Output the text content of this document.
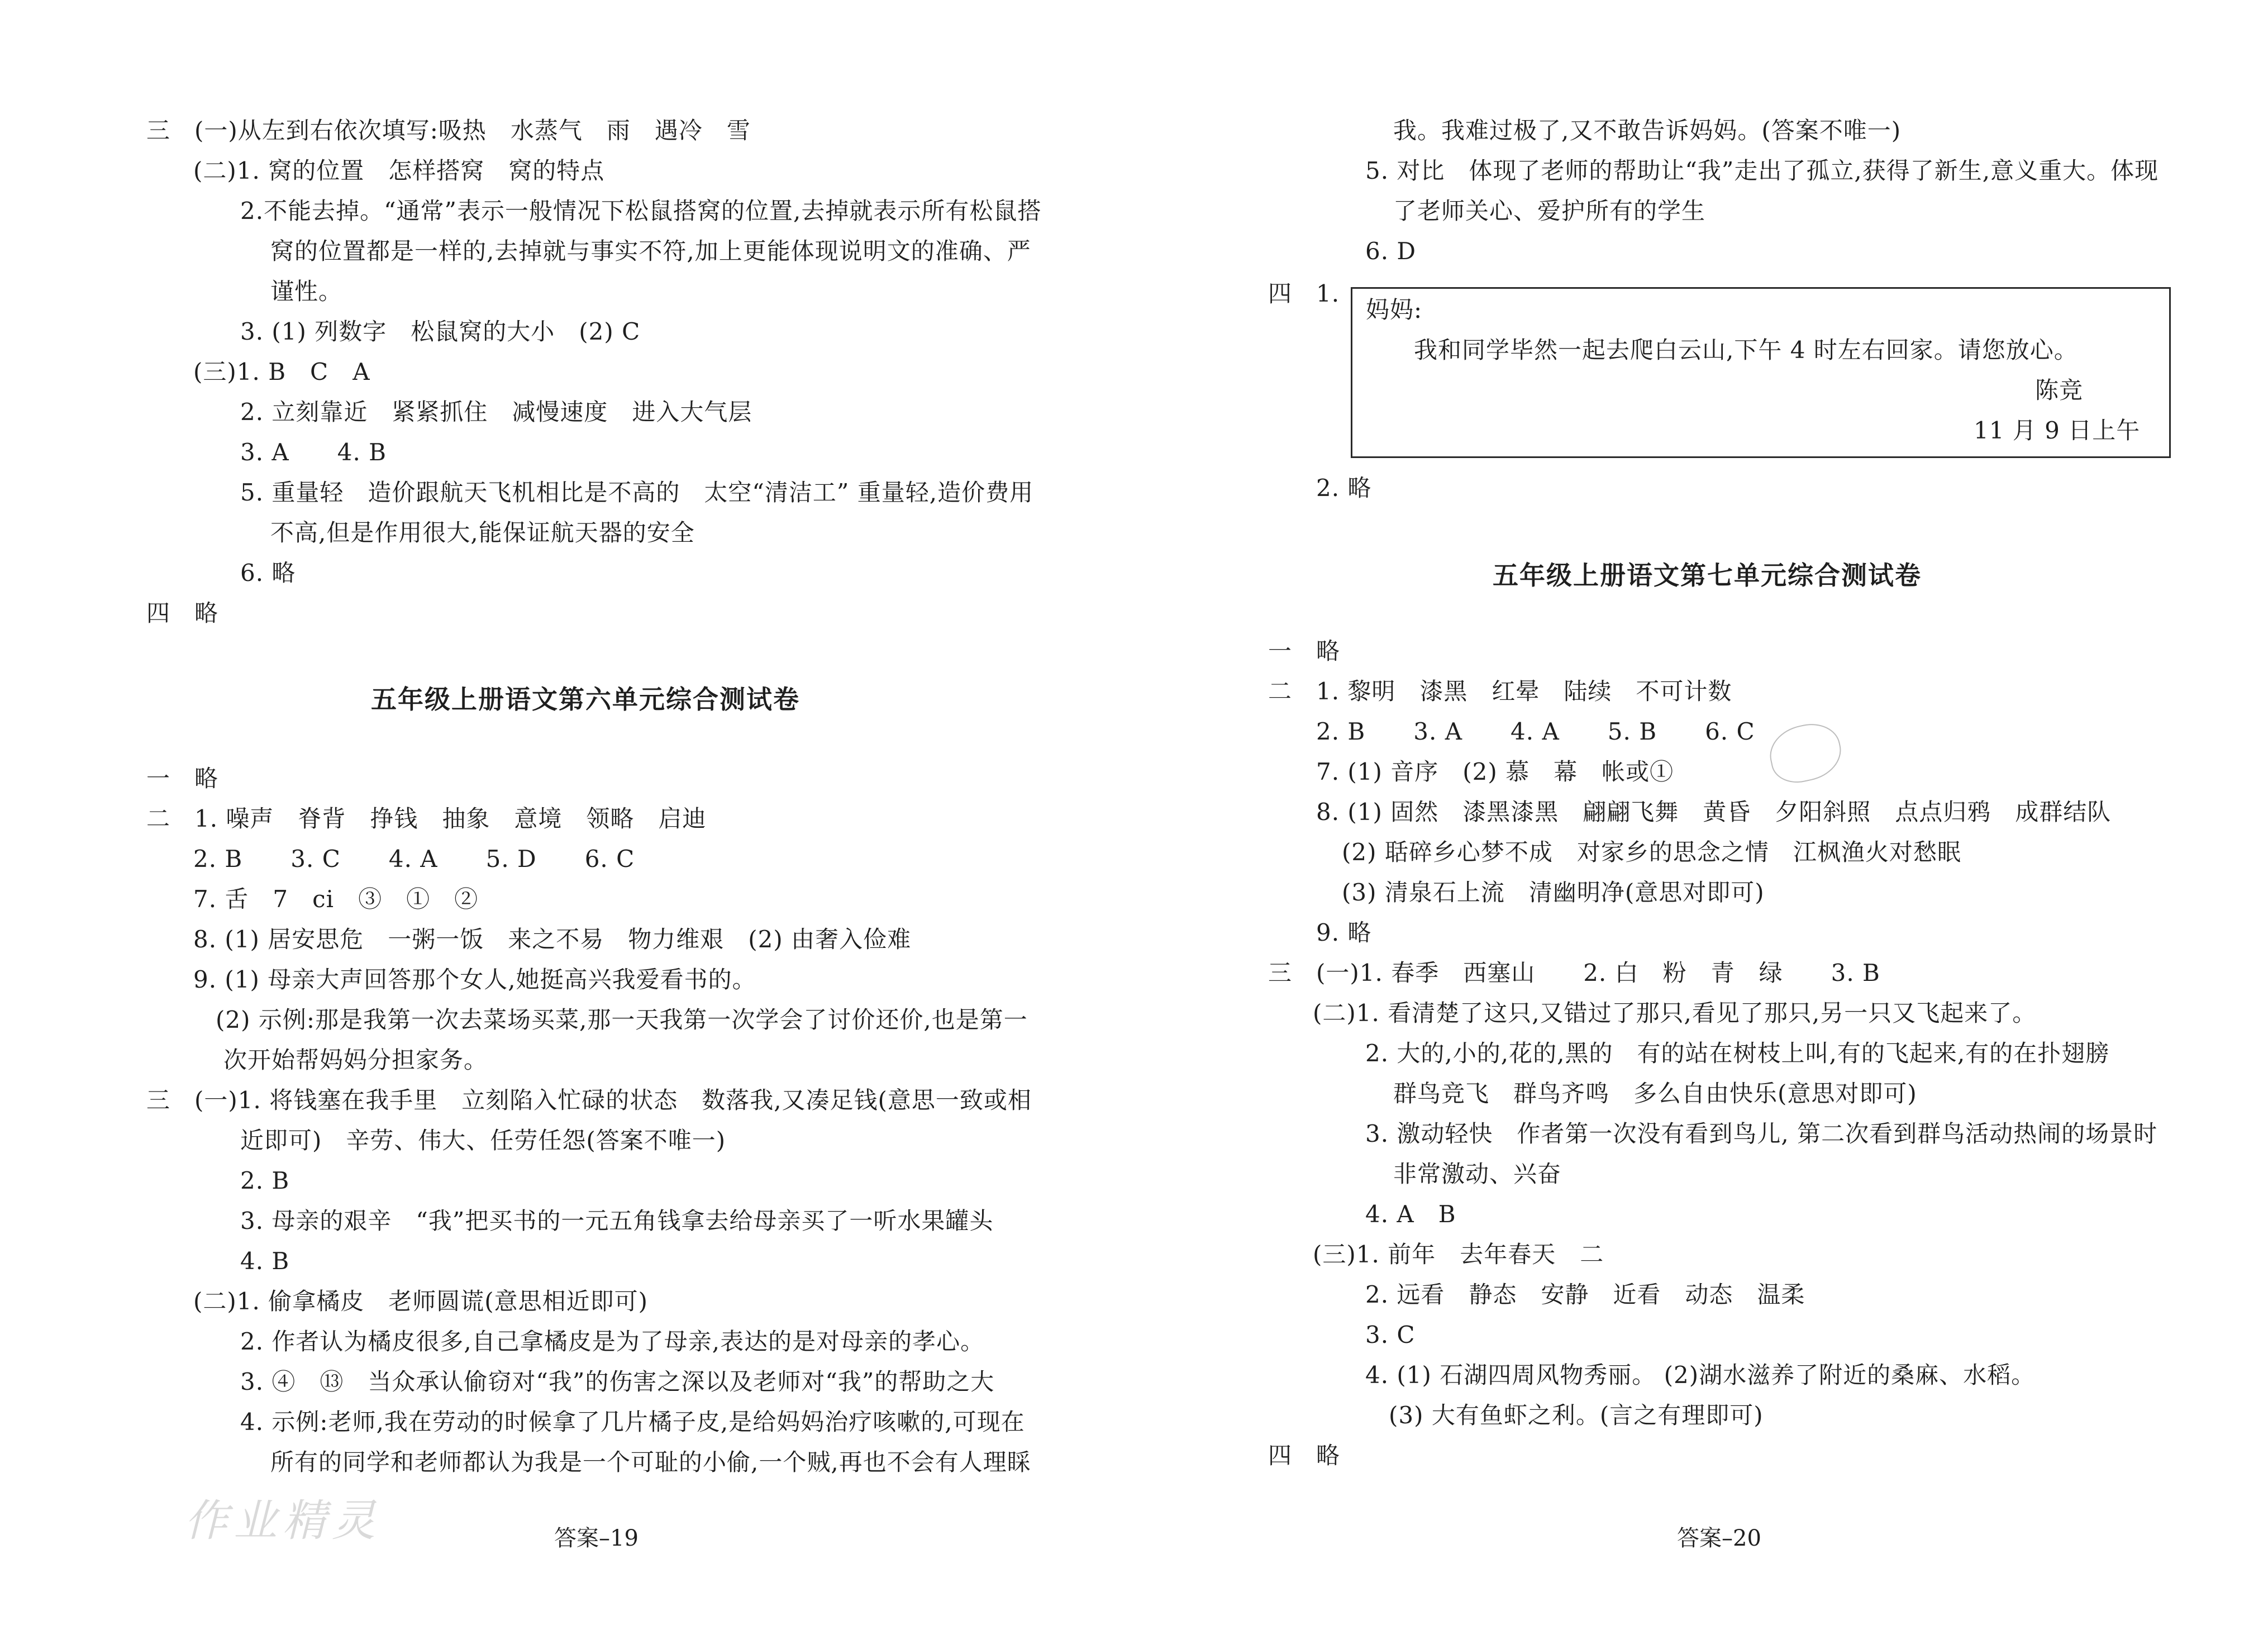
三　(一)从左到右依次填写:吸热　水蒸气　雨　遇冷　雪
(二)1. 窝的位置　怎样搭窝　窝的特点
2.不能去掉。“通常”表示一般情况下松鼠搭窝的位置,去掉就表示所有松鼠搭
窝的位置都是一样的,去掉就与事实不符,加上更能体现说明文的准确、严
谨性。
3. (1) 列数字　松鼠窝的大小　(2) C
(三)1. B　C　A
2. 立刻靠近　紧紧抓住　减慢速度　进入大气层
3. A　　4. B
5. 重量轻　造价跟航天飞机相比是不高的　太空“清洁工” 重量轻,造价费用
不高,但是作用很大,能保证航天器的安全
6. 略
四　略
五年级上册语文第六单元综合测试卷
一　略
二　1. 噪声　脊背　挣钱　抽象　意境　领略　启迪
2. B　　3. C　　4. A　　5. D　　6. C
7. 舌　7　ci　③　①　②
8. (1) 居安思危　一粥一饭　来之不易　物力维艰　(2) 由奢入俭难
9. (1) 母亲大声回答那个女人,她挺高兴我爱看书的。
(2) 示例:那是我第一次去菜场买菜,那一天我第一次学会了讨价还价,也是第一
次开始帮妈妈分担家务。
三　(一)1. 将钱塞在我手里　立刻陷入忙碌的状态　数落我,又凑足钱(意思一致或相
近即可)　辛劳、伟大、任劳任怨(答案不唯一)
2. B
3. 母亲的艰辛　“我”把买书的一元五角钱拿去给母亲买了一听水果罐头
4. B
(二)1. 偷拿橘皮　老师圆谎(意思相近即可)
2. 作者认为橘皮很多,自己拿橘皮是为了母亲,表达的是对母亲的孝心。
3. ④　⑬　当众承认偷窃对“我”的伤害之深以及老师对“我”的帮助之大
4. 示例:老师,我在劳动的时候拿了几片橘子皮,是给妈妈治疗咳嗽的,可现在
所有的同学和老师都认为我是一个可耻的小偷,一个贼,再也不会有人理睬
作业精灵	答案–19
我。我难过极了,又不敢告诉妈妈。(答案不唯一)
5. 对比　体现了老师的帮助让“我”走出了孤立,获得了新生,意义重大。体现
了老师关心、爱护所有的学生
6. D
四　1.
妈妈:
我和同学毕然一起去爬白云山,下午 4 时左右回家。请您放心。
陈竞
11 月 9 日上午
2. 略
五年级上册语文第七单元综合测试卷
一　略
二　1. 黎明　漆黑　红晕　陆续　不可计数
2. B　　3. A　　4. A　　5. B　　6. C
7. (1) 音序　(2) 慕　幕　帐或①
8. (1) 固然　漆黑漆黑　翩翩飞舞　黄昏　夕阳斜照　点点归鸦　成群结队
(2) 聒碎乡心梦不成　对家乡的思念之情　江枫渔火对愁眠
(3) 清泉石上流　清幽明净(意思对即可)
9. 略
三　(一)1. 春季　西塞山　　2. 白　粉　青　绿　　3. B
(二)1. 看清楚了这只,又错过了那只,看见了那只,另一只又飞起来了。
2. 大的,小的,花的,黑的　有的站在树枝上叫,有的飞起来,有的在扑翅膀
群鸟竞飞　群鸟齐鸣　多么自由快乐(意思对即可)
3. 激动轻快　作者第一次没有看到鸟儿, 第二次看到群鸟活动热闹的场景时
非常激动、兴奋
4. A　B
(三)1. 前年　去年春天　二
2. 远看　静态　安静　近看　动态　温柔
3. C
4. (1) 石湖四周风物秀丽。 (2)湖水滋养了附近的桑麻、水稻。
(3) 大有鱼虾之利。(言之有理即可)
四　略
答案–20
